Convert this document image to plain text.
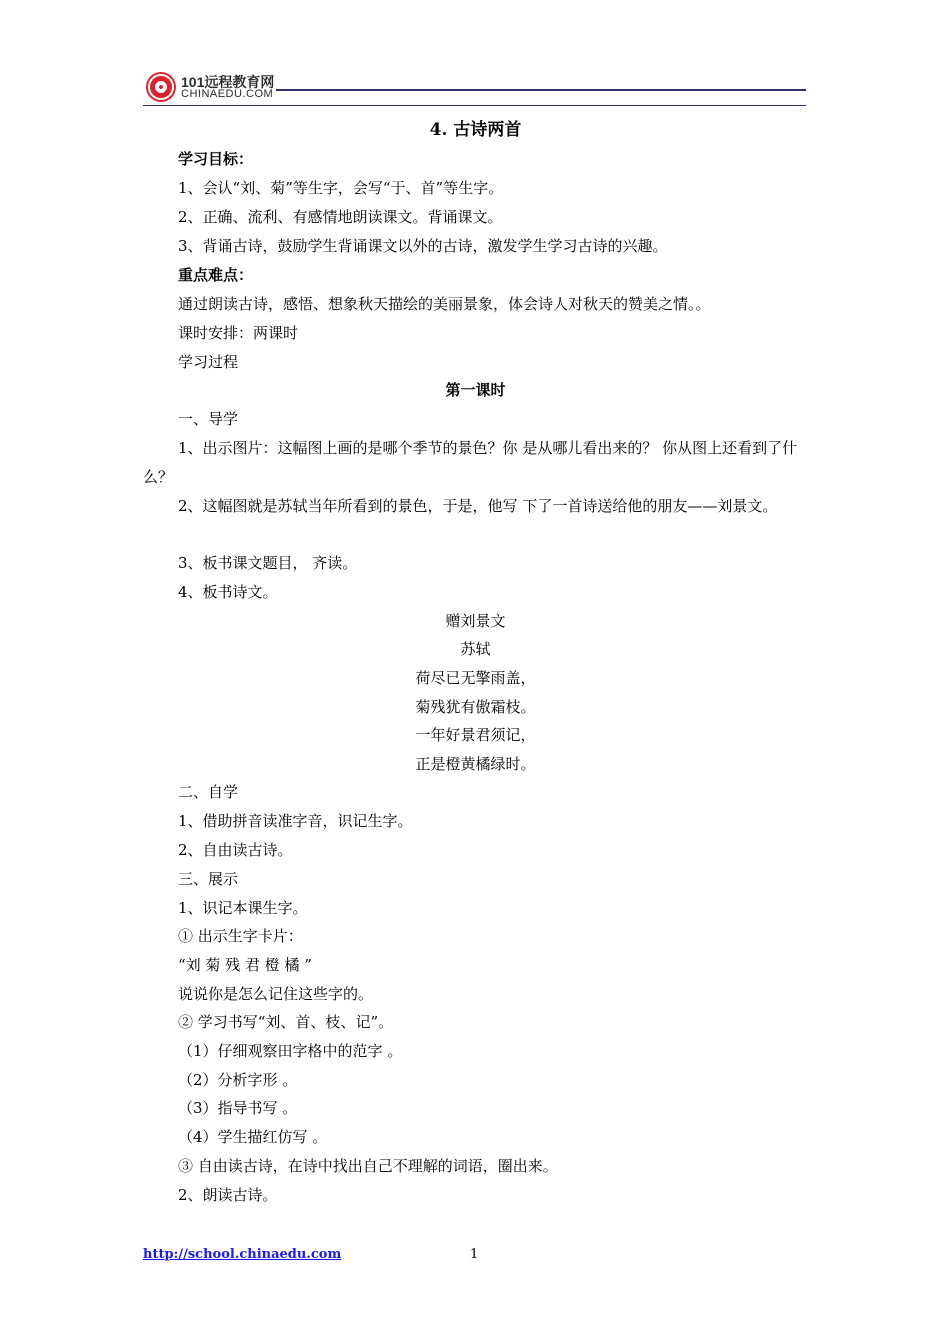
101远程教育网
CHINAEDU.COM
4. 古诗两首
学习目标：
1、会认“刘、菊”等生字，会写“于、首”等生字。
2、正确、流利、有感情地朗读课文。背诵课文。
3、背诵古诗，鼓励学生背诵课文以外的古诗，激发学生学习古诗的兴趣。
重点难点：
通过朗读古诗，感悟、想象秋天描绘的美丽景象，体会诗人对秋天的赞美之情。。
课时安排：两课时
学习过程
第一课时
一、导学
1、出示图片：这幅图上画的是哪个季节的景色？你 是从哪儿看出来的？ 你从图上还看到了什么？
2、这幅图就是苏轼当年所看到的景色，于是，他写 下了一首诗送给他的朋友——刘景文。
3、板书课文题目， 齐读。
4、板书诗文。
赠刘景文
苏轼
荷尽已无擎雨盖，
菊残犹有傲霜枝。
一年好景君须记，
正是橙黄橘绿时。
二、自学
1、借助拼音读准字音，识记生字。
2、自由读古诗。
三、展示
1、识记本课生字。
① 出示生字卡片：
“刘 菊 残 君 橙 橘 ”
说说你是怎么记住这些字的。
② 学习书写“刘、首、枝、记”。
（1）仔细观察田字格中的范字 。
（2）分析字形 。
（3）指导书写 。
（4）学生描红仿写 。
③ 自由读古诗，在诗中找出自己不理解的词语，圈出来。
2、朗读古诗。
http://school.chinaedu.com	1
